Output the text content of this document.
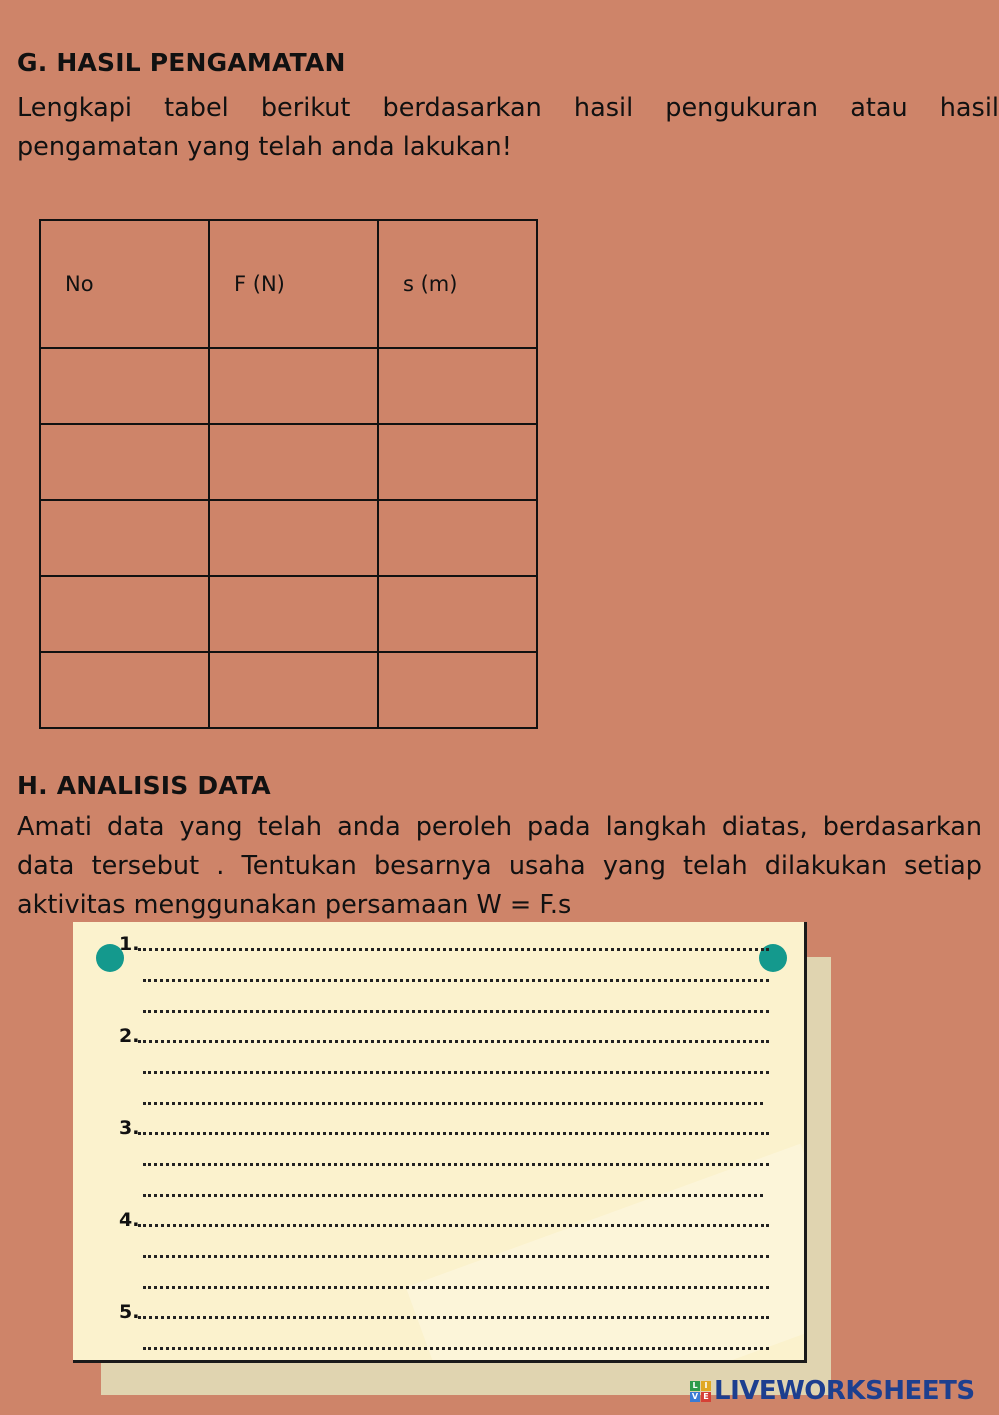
G. HASIL PENGAMATAN
Lengkapi tabel berikut berdasarkan hasil pengukuran atau hasil pengamatan yang telah anda lakukan!
No	F (N)	s (m)

H. ANALISIS DATA
Amati data yang telah anda peroleh pada langkah diatas, berdasarkan data tersebut . Tentukan besarnya usaha yang telah dilakukan setiap aktivitas menggunakan persamaan W = F.s
1.
2.
3.
4.
5.
L I
V E LIVEWORKSHEETS
